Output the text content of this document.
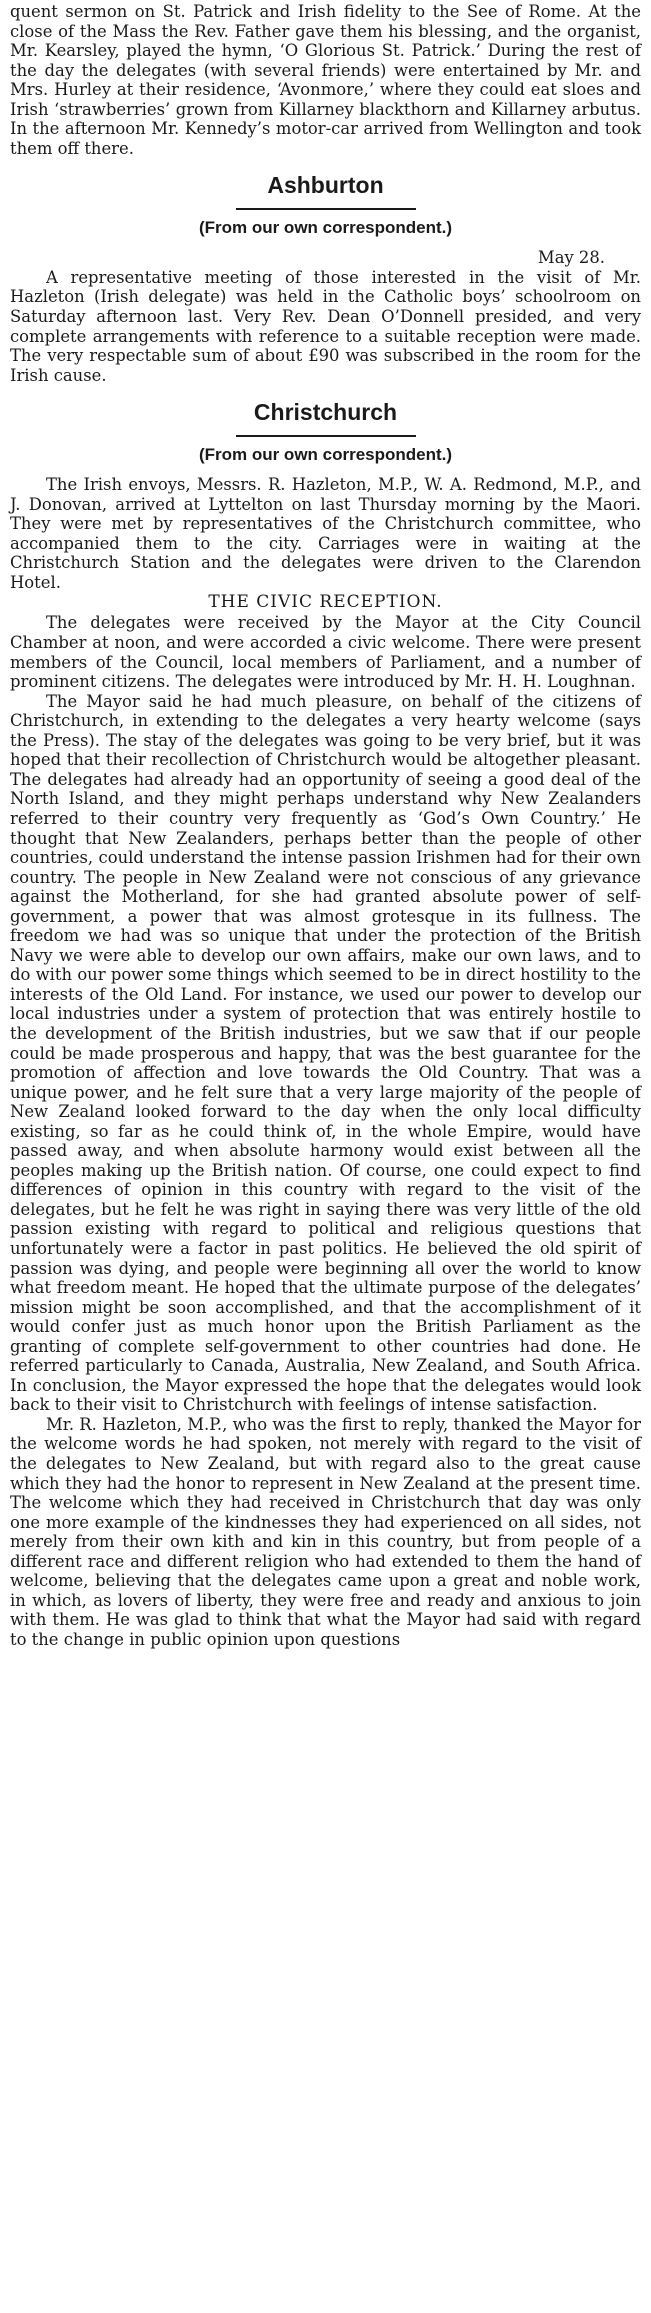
quent sermon on St. Patrick and Irish fidelity to the See of Rome. At the close of the Mass the Rev. Father gave them his blessing, and the organist, Mr. Kearsley, played the hymn, ‘O Glorious St. Patrick.’ During the rest of the day the delegates (with several friends) were entertained by Mr. and Mrs. Hurley at their residence, ‘Avonmore,’ where they could eat sloes and Irish ‘strawberries’ grown from Killarney blackthorn and Killarney arbutus. In the afternoon Mr. Kennedy’s motor-car arrived from Wellington and took them off there.

Ashburton
(From our own correspondent.)

May 28.

A representative meeting of those interested in the visit of Mr. Hazleton (Irish delegate) was held in the Catholic boys’ schoolroom on Saturday afternoon last. Very Rev. Dean O’Donnell presided, and very complete arrangements with reference to a suitable reception were made. The very respectable sum of about £90 was subscribed in the room for the Irish cause.

Christchurch
(From our own correspondent.)

The Irish envoys, Messrs. R. Hazleton, M.P., W. A. Redmond, M.P., and J. Donovan, arrived at Lyttelton on last Thursday morning by the Maori. They were met by representatives of the Christchurch committee, who accompanied them to the city. Carriages were in waiting at the Christchurch Station and the delegates were driven to the Clarendon Hotel.

THE CIVIC RECEPTION.

The delegates were received by the Mayor at the City Council Chamber at noon, and were accorded a civic welcome. There were present members of the Council, local members of Parliament, and a number of prominent citizens. The delegates were introduced by Mr. H. H. Loughnan.

The Mayor said he had much pleasure, on behalf of the citizens of Christchurch, in extending to the delegates a very hearty welcome (says the Press). The stay of the delegates was going to be very brief, but it was hoped that their recollection of Christchurch would be altogether pleasant. The delegates had already had an opportunity of seeing a good deal of the North Island, and they might perhaps understand why New Zealanders referred to their country very frequently as ‘God’s Own Country.’ He thought that New Zealanders, perhaps better than the people of other countries, could understand the intense passion Irishmen had for their own country. The people in New Zealand were not conscious of any grievance against the Motherland, for she had granted absolute power of self-government, a power that was almost grotesque in its fullness. The freedom we had was so unique that under the protection of the British Navy we were able to develop our own affairs, make our own laws, and to do with our power some things which seemed to be in direct hostility to the interests of the Old Land. For instance, we used our power to develop our local industries under a system of protection that was entirely hostile to the development of the British industries, but we saw that if our people could be made prosperous and happy, that was the best guarantee for the promotion of affection and love towards the Old Country. That was a unique power, and he felt sure that a very large majority of the people of New Zealand looked forward to the day when the only local difficulty existing, so far as he could think of, in the whole Empire, would have passed away, and when absolute harmony would exist between all the peoples making up the British nation. Of course, one could expect to find differences of opinion in this country with regard to the visit of the delegates, but he felt he was right in saying there was very little of the old passion existing with regard to political and religious questions that unfortunately were a factor in past politics. He believed the old spirit of passion was dying, and people were beginning all over the world to know what freedom meant. He hoped that the ultimate purpose of the delegates’ mission might be soon accomplished, and that the accomplishment of it would confer just as much honor upon the British Parliament as the granting of complete self-government to other countries had done. He referred particularly to Canada, Australia, New Zealand, and South Africa. In conclusion, the Mayor expressed the hope that the delegates would look back to their visit to Christchurch with feelings of intense satisfaction.

Mr. R. Hazleton, M.P., who was the first to reply, thanked the Mayor for the welcome words he had spoken, not merely with regard to the visit of the delegates to New Zealand, but with regard also to the great cause which they had the honor to represent in New Zealand at the present time. The welcome which they had received in Christchurch that day was only one more example of the kindnesses they had experienced on all sides, not merely from their own kith and kin in this country, but from people of a different race and different religion who had extended to them the hand of welcome, believing that the delegates came upon a great and noble work, in which, as lovers of liberty, they were free and ready and anxious to join with them. He was glad to think that what the Mayor had said with regard to the change in public opinion upon questions
